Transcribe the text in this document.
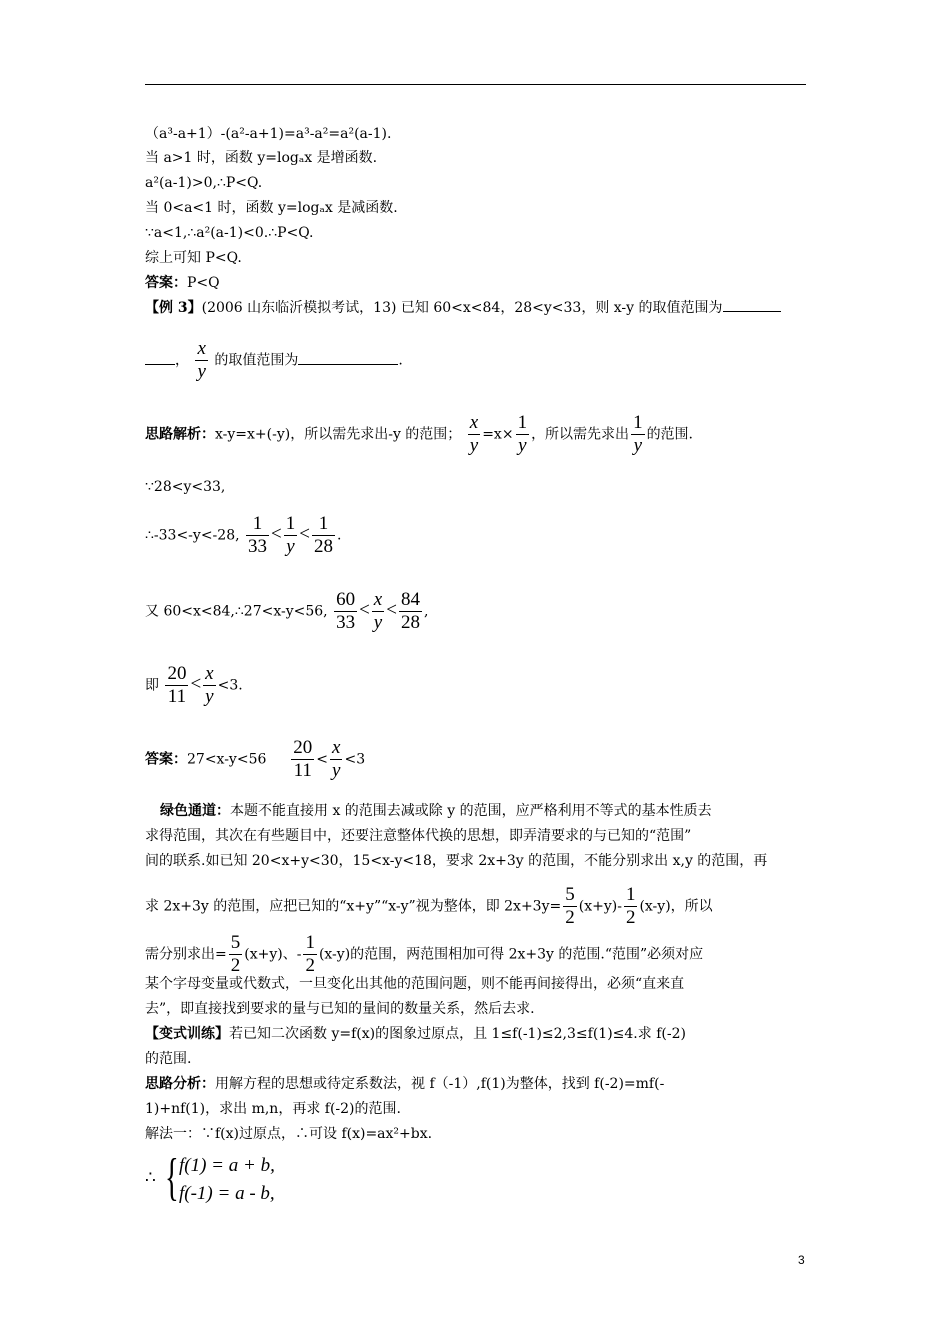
（a³-a+1）-(a²-a+1)=a³-a²=a²(a-1).
当 a>1 时，函数 y=logₐx 是增函数.
a²(a-1)>0,∴P<Q.
当 0<a<1 时，函数 y=logₐx 是减函数.
∵a<1,∴a²(a-1)<0.∴P<Q.
综上可知 P<Q.
答案：P<Q
【例 3】(2006 山东临沂模拟考试，13) 已知 60<x<84，28<y<33，则 x-y 的取值范围为
， $\frac{x}{y}$ 的取值范围为	.
思路解析：x-y=x+(-y)，所以需先求出-y 的范围； $\frac{x}{y} =x\times \frac{1}{y}$ ，所以需先求出 $\frac{1}{y}$ 的范围.
∵28<y<33,
∴-33<-y<-28, $\frac{1}{33} < \frac{1}{y} < \frac{1}{28}$ .
又 60<x<84,∴27<x-y<56, $\frac{60}{33} < \frac{x}{y} < \frac{84}{28}$ ,
即 $\frac{20}{11} < \frac{x}{y} <3$.
答案：$27<x-y<56 \frac{20}{11} < \frac{x}{y} <3$
绿色通道：本题不能直接用 x 的范围去减或除 y 的范围，应严格利用不等式的基本性质去
求得范围，其次在有些题目中，还要注意整体代换的思想，即弄清要求的与已知的“范围”
间的联系.如已知 20<x+y<30，15<x-y<18，要求 2x+3y 的范围，不能分别求出 x,y 的范围，再
求 2x+3y 的范围，应把已知的“x+y”“x-y”视为整体，即 $2x+3y= \frac{5}{2} (x+y)- \frac{1}{2} (x-y)$，所以
需分别求出= $\frac{5}{2} (x+y)$、- $\frac{1}{2} (x-y)$的范围，两范围相加可得 2x+3y 的范围.“范围”必须对应
某个字母变量或代数式，一旦变化出其他的范围问题，则不能再间接得出，必须“直来直
去”，即直接找到要求的量与已知的量间的数量关系，然后去求.
【变式训练】若已知二次函数 y=f(x)的图象过原点，且 1≤f(-1)≤2,3≤f(1)≤4.求 f(-2)
的范围.
思路分析：用解方程的思想或待定系数法，视 f（-1）,f(1)为整体，找到 f(-2)=mf(-
1)+nf(1)，求出 m,n，再求 f(-2)的范围.
解法一：∵f(x)过原点，∴可设 f(x)=ax²+bx.
∴ { f(1) = a + b,
f(-1) = a - b,
3
